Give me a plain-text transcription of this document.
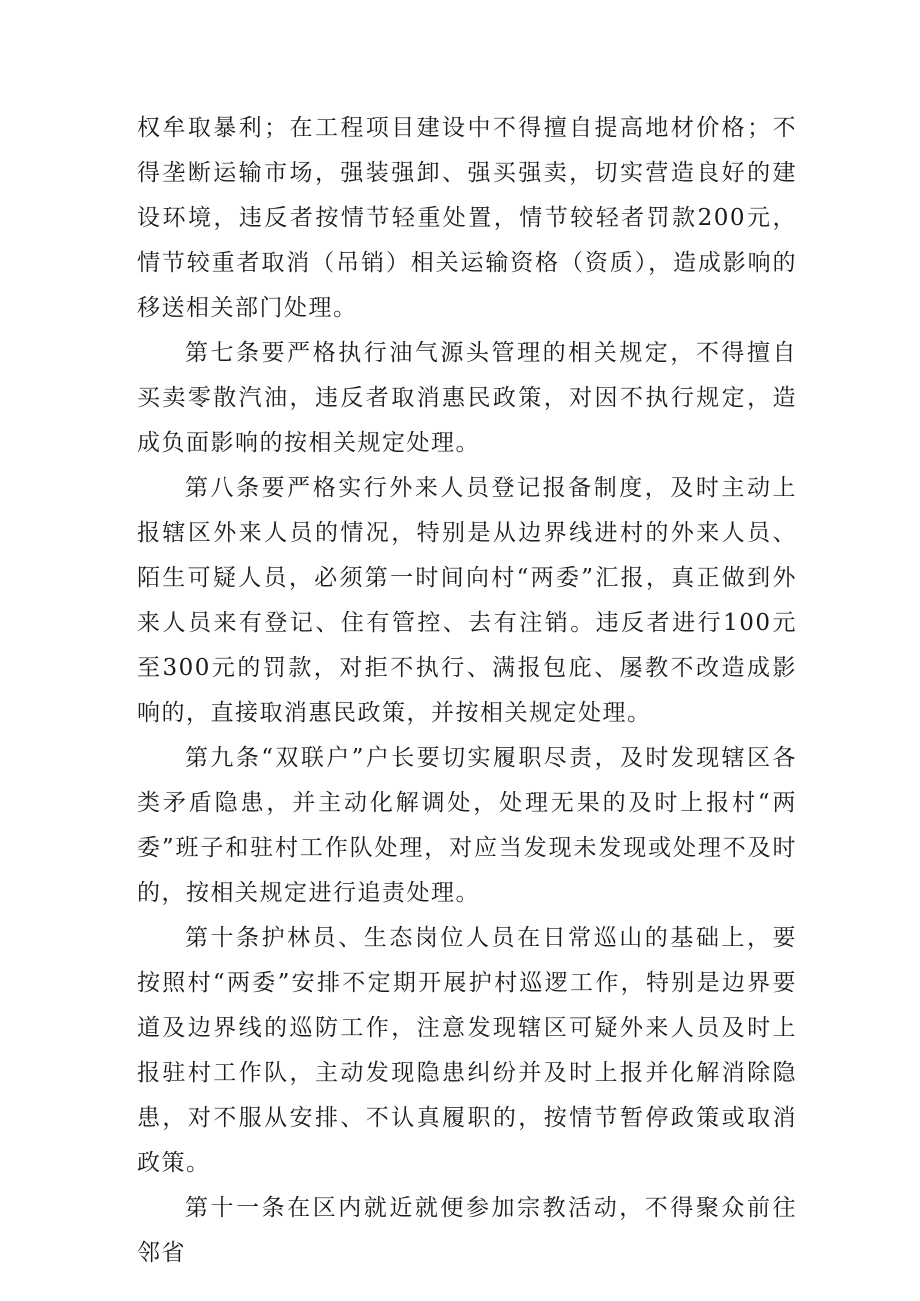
权牟取暴利；在工程项目建设中不得擅自提高地材价格；不得垄断运输市场，强装强卸、强买强卖，切实营造良好的建设环境，违反者按情节轻重处置，情节较轻者罚款200元，情节较重者取消（吊销）相关运输资格（资质），造成影响的移送相关部门处理。

第七条要严格执行油气源头管理的相关规定，不得擅自买卖零散汽油，违反者取消惠民政策，对因不执行规定，造成负面影响的按相关规定处理。

第八条要严格实行外来人员登记报备制度，及时主动上报辖区外来人员的情况，特别是从边界线进村的外来人员、陌生可疑人员，必须第一时间向村“两委”汇报，真正做到外来人员来有登记、住有管控、去有注销。违反者进行100元至300元的罚款，对拒不执行、满报包庇、屡教不改造成影响的，直接取消惠民政策，并按相关规定处理。

第九条“双联户”户长要切实履职尽责，及时发现辖区各类矛盾隐患，并主动化解调处，处理无果的及时上报村“两委”班子和驻村工作队处理，对应当发现未发现或处理不及时的，按相关规定进行追责处理。

第十条护林员、生态岗位人员在日常巡山的基础上，要按照村“两委”安排不定期开展护村巡逻工作，特别是边界要道及边界线的巡防工作，注意发现辖区可疑外来人员及时上报驻村工作队，主动发现隐患纠纷并及时上报并化解消除隐患，对不服从安排、不认真履职的，按情节暂停政策或取消政策。

第十一条在区内就近就便参加宗教活动，不得聚众前往邻省
